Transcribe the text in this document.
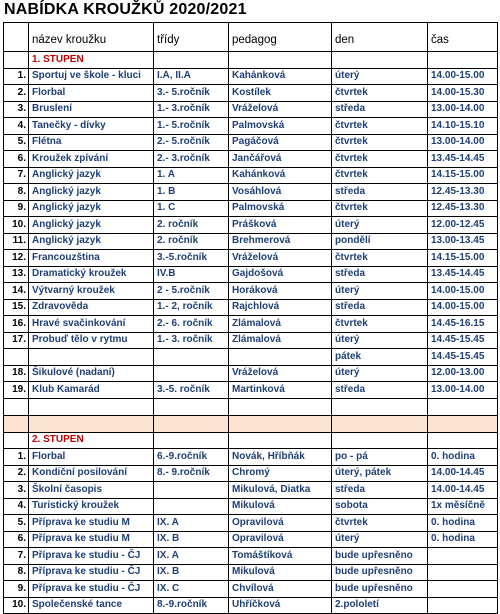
NABÍDKA KROUŽKŮ 2020/2021
	název kroužku	třídy	pedagog	den	čas
	1. STUPEN				
1.	Sportuj ve škole - kluci	I.A, II.A	Kahánková	úterý	14.00-15.00
2.	Florbal	3.- 5.ročník	Kostílek	čtvrtek	14.00-15.30
3.	Bruslení	1.- 3.ročník	Vráželová	středa	13.00-14.00
4.	Tanečky - dívky	1.- 5.ročník	Palmovská	čtvrtek	14.10-15.10
5.	Flétna	2.- 5.ročník	Pagáčová	čtvrtek	13.00-14.00
6.	Kroužek zpívání	2.- 3.ročník	Jančářová	čtvrtek	13.45-14.45
7.	Anglický jazyk	1. A	Kahánková	čtvrtek	14.15-15.00
8.	Anglický jazyk	1. B	Vosáhlová	středa	12.45-13.30
9.	Anglický jazyk	1. C	Palmovská	čtvrtek	12.45-13.30
10.	Anglický jazyk	2. ročník	Prášková	úterý	12.00-12.45
11.	Anglický jazyk	2. ročník	Brehmerová	pondělí	13.00-13.45
12.	Francouzština	3.-5.ročník	Vráželová	čtvrtek	14.15-15.00
13.	Dramatický kroužek	IV.B	Gajdošová	středa	13.45-14.45
14.	Výtvarný kroužek	2 - 5.ročník	Horáková	úterý	14.00-15.00
15.	Zdravověda	1.- 2, ročník	Rajchlová	středa	14.00-15.00
16.	Hravé svačinkování	2.- 6. ročník	Zlámalová	čtvrtek	14.45-16.15
17.	Probuď tělo v rytmu	1.- 3. ročník	Zlámalová	úterý	14.45-15.45
				pátek	14.45-15.45
18.	Šikulové (nadaní)		Vráželová	úterý	12.00-13.00
19.	Klub Kamarád	3.-5. ročník	Martinková	středa	13.00-14.00

	2. STUPEN				
1.	Florbal	6.-9.ročník	Novák, Hříbňák	po - pá	0. hodina
2.	Kondiční posilování	8.- 9.ročník	Chromý	úterý, pátek	14.00-14.45
3.	Školní časopis		Mikulová, Diatka	středa	14.00-14.45
4.	Turistický kroužek		Mikulová	sobota	1x měsíčně
5.	Příprava ke studiu M	IX. A	Opravilová	čtvrtek	0. hodina
6.	Příprava ke studiu M	IX. B	Opravilová	úterý	0. hodina
7.	Příprava ke studiu - ČJ	IX. A	Tomáštíková	bude upřesněno	
8.	Příprava ke studiu - ČJ	IX. B	Mikulová	bude upřesněno	
9.	Příprava ke studiu - ČJ	IX. C	Chvílová	bude upřesněno	
10.	Společenské tance	8.-9.ročník	Uhříčková	2.pololetí	
